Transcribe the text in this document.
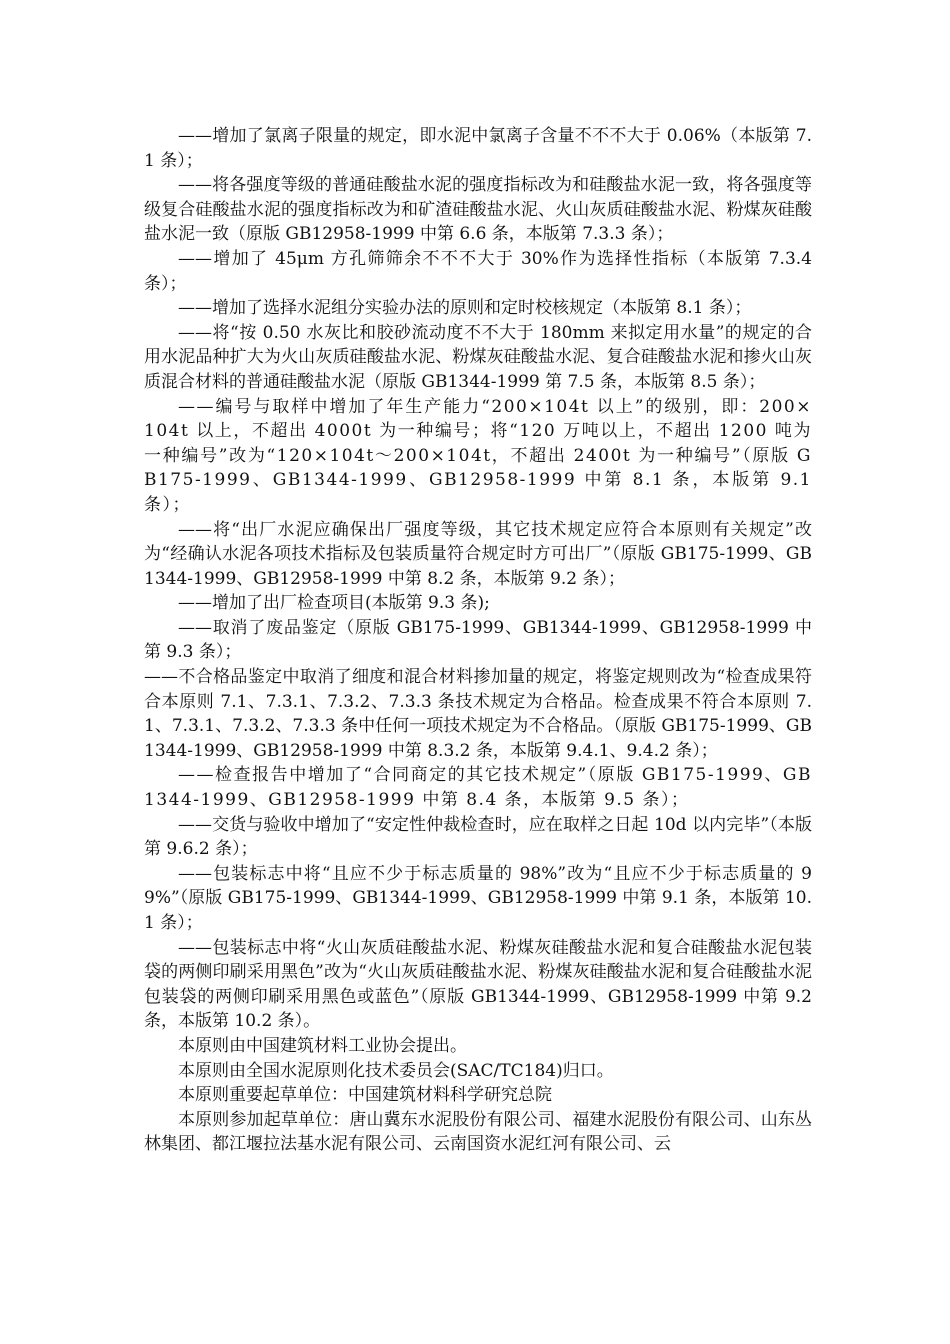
——增加了氯离子限量的规定，即水泥中氯离子含量不不不大于 0.06%（本版第 7.1 条）；

——将各强度等级的普通硅酸盐水泥的强度指标改为和硅酸盐水泥一致，将各强度等级复合硅酸盐水泥的强度指标改为和矿渣硅酸盐水泥、火山灰质硅酸盐水泥、粉煤灰硅酸盐水泥一致（原版 GB12958-1999 中第 6.6 条，本版第 7.3.3 条）；

——增加了 45μm 方孔筛筛余不不不大于 30%作为选择性指标（本版第 7.3.4 条）；

——增加了选择水泥组分实验办法的原则和定时校核规定（本版第 8.1 条）；

——将“按 0.50 水灰比和胶砂流动度不不大于 180mm 来拟定用水量”的规定的合用水泥品种扩大为火山灰质硅酸盐水泥、粉煤灰硅酸盐水泥、复合硅酸盐水泥和掺火山灰质混合材料的普通硅酸盐水泥（原版 GB1344-1999 第 7.5 条，本版第 8.5 条）；

——编号与取样中增加了年生产能力“200×104t 以上”的级别，即：200×104t 以上，不超出 4000t 为一种编号；将“120 万吨以上，不超出 1200 吨为一种编号”改为“120×104t～200×104t，不超出 2400t 为一种编号”（原版 GB175-1999、GB1344-1999、GB12958-1999 中第 8.1 条，本版第 9.1 条）；

——将“出厂水泥应确保出厂强度等级，其它技术规定应符合本原则有关规定”改为“经确认水泥各项技术指标及包装质量符合规定时方可出厂”（原版 GB175-1999、GB1344-1999、GB12958-1999 中第 8.2 条，本版第 9.2 条）；

——增加了出厂检查项目(本版第 9.3 条);

——取消了废品鉴定（原版 GB175-1999、GB1344-1999、GB12958-1999 中第 9.3 条）；

——不合格品鉴定中取消了细度和混合材料掺加量的规定，将鉴定规则改为“检查成果符合本原则 7.1、7.3.1、7.3.2、7.3.3 条技术规定为合格品。检查成果不符合本原则 7.1、7.3.1、7.3.2、7.3.3 条中任何一项技术规定为不合格品。（原版 GB175-1999、GB1344-1999、GB12958-1999 中第 8.3.2 条，本版第 9.4.1、9.4.2 条）；

——检查报告中增加了“合同商定的其它技术规定”（原版 GB175-1999、GB1344-1999、GB12958-1999 中第 8.4 条，本版第 9.5 条）；

——交货与验收中增加了“安定性仲裁检查时，应在取样之日起 10d 以内完毕”（本版第 9.6.2 条）；

——包装标志中将“且应不少于标志质量的 98%”改为“且应不少于标志质量的 99%”（原版 GB175-1999、GB1344-1999、GB12958-1999 中第 9.1 条，本版第 10.1 条）；

——包装标志中将“火山灰质硅酸盐水泥、粉煤灰硅酸盐水泥和复合硅酸盐水泥包装袋的两侧印刷采用黑色”改为“火山灰质硅酸盐水泥、粉煤灰硅酸盐水泥和复合硅酸盐水泥包装袋的两侧印刷采用黑色或蓝色”（原版 GB1344-1999、GB12958-1999 中第 9.2 条，本版第 10.2 条）。

本原则由中国建筑材料工业协会提出。

本原则由全国水泥原则化技术委员会(SAC/TC184)归口。

本原则重要起草单位：中国建筑材料科学研究总院

本原则参加起草单位：唐山冀东水泥股份有限公司、福建水泥股份有限公司、山东丛林集团、都江堰拉法基水泥有限公司、云南国资水泥红河有限公司、云
